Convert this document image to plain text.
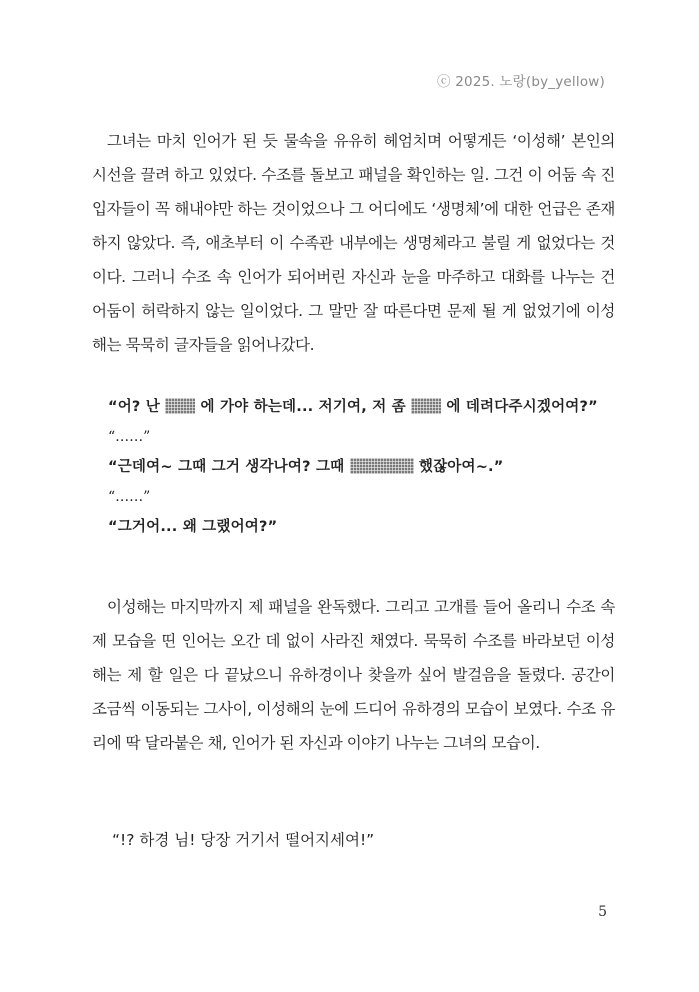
ⓒ 2025. 노랑(by_yellow)

그녀는 마치 인어가 된 듯 물속을 유유히 헤엄치며 어떻게든 ‘이성해’ 본인의 시선을 끌려 하고 있었다. 수조를 돌보고 패널을 확인하는 일. 그건 이 어둠 속 진입자들이 꼭 해내야만 하는 것이었으나 그 어디에도 ‘생명체’에 대한 언급은 존재하지 않았다. 즉, 애초부터 이 수족관 내부에는 생명체라고 불릴 게 없었다는 것이다. 그러니 수조 속 인어가 되어버린 자신과 눈을 마주하고 대화를 나누는 건 어둠이 허락하지 않는 일이었다. 그 말만 잘 따른다면 문제 될 게 없었기에 이성해는 묵묵히 글자들을 읽어나갔다.

“어? 난  에 가야 하는데... 저기여, 저 좀  에 데려다주시겠어여?”
“……”
“근데여~ 그때 그거 생각나여? 그때	했잖아여~.”
“……”
“그거어... 왜 그랬어여?”

이성해는 마지막까지 제 패널을 완독했다. 그리고 고개를 들어 올리니 수조 속 제 모습을 띤 인어는 오간 데 없이 사라진 채였다. 묵묵히 수조를 바라보던 이성해는 제 할 일은 다 끝났으니 유하경이나 찾을까 싶어 발걸음을 돌렸다. 공간이 조금씩 이동되는 그사이, 이성해의 눈에 드디어 유하경의 모습이 보였다. 수조 유리에 딱 달라붙은 채, 인어가 된 자신과 이야기 나누는 그녀의 모습이.

“!? 하경 님! 당장 거기서 떨어지세여!”

5
